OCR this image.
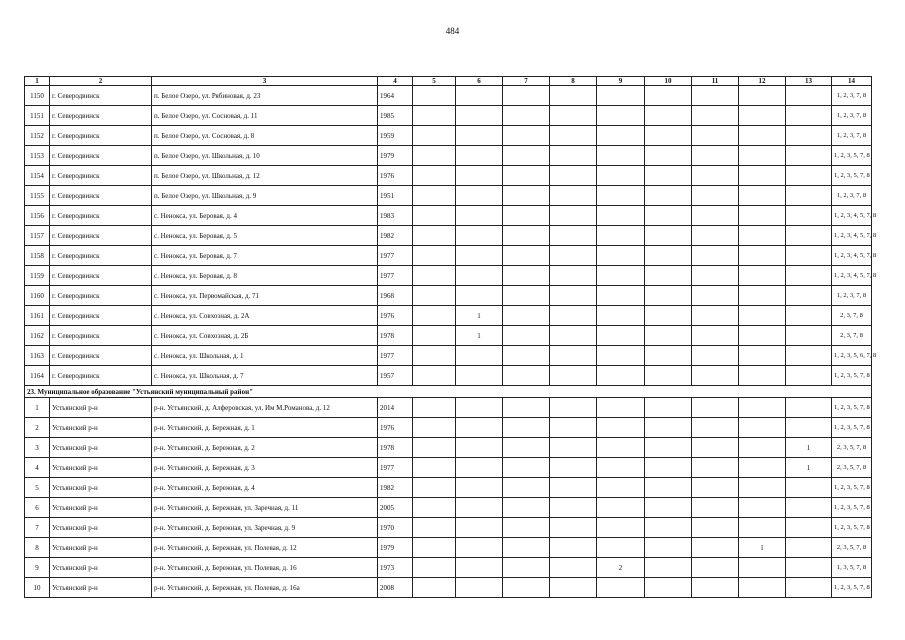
484
1	2	3	4	5	6	7	8	9	10	11	12	13	14
1150	г. Северодвинск	п. Белое Озеро, ул. Рябиновая, д. 23	1964										1, 2, 3, 7, 8
1151	г. Северодвинск	п. Белое Озеро, ул. Сосновая, д. 11	1985										1, 2, 3, 7, 8
1152	г. Северодвинск	п. Белое Озеро, ул. Сосновая, д. 8	1959										1, 2, 3, 7, 8
1153	г. Северодвинск	п. Белое Озеро, ул. Школьная, д. 10	1979										1, 2, 3, 5, 7, 8
1154	г. Северодвинск	п. Белое Озеро, ул. Школьная, д. 12	1976										1, 2, 3, 5, 7, 8
1155	г. Северодвинск	п. Белое Озеро, ул. Школьная, д. 9	1951										1, 2, 3, 7, 8
1156	г. Северодвинск	с. Ненокса, ул. Беровая, д. 4	1983										1, 2, 3, 4, 5, 7, 8
1157	г. Северодвинск	с. Ненокса, ул. Беровая, д. 5	1982										1, 2, 3, 4, 5, 7, 8
1158	г. Северодвинск	с. Ненокса, ул. Беровая, д. 7	1977										1, 2, 3, 4, 5, 7, 8
1159	г. Северодвинск	с. Ненокса, ул. Беровая, д. 8	1977										1, 2, 3, 4, 5, 7, 8
1160	г. Северодвинск	с. Ненокса, ул. Первомайская, д. 71	1968										1, 2, 3, 7, 8
1161	г. Северодвинск	с. Ненокса, ул. Совхозная, д. 2А	1976		1								2, 3, 7, 8
1162	г. Северодвинск	с. Ненокса, ул. Совхозная, д. 2Б	1978		1								2, 3, 7, 8
1163	г. Северодвинск	с. Ненокса, ул. Школьная, д. 1	1977										1, 2, 3, 5, 6, 7, 8
1164	г. Северодвинск	с. Ненокса, ул. Школьная, д. 7	1957										1, 2, 3, 5, 7, 8
23. Муниципальное образование "Устьянский муниципальный район"													
1	Устьянский р-н	р-н. Устьянский, д. Алферовская, ул. Им М.Романова, д. 12	2014										1, 2, 3, 5, 7, 8
2	Устьянский р-н	р-н. Устьянский, д. Бережная, д. 1	1976										1, 2, 3, 5, 7, 8
3	Устьянский р-н	р-н. Устьянский, д. Бережная, д. 2	1978									1	2, 3, 5, 7, 8
4	Устьянский р-н	р-н. Устьянский, д. Бережная, д. 3	1977									1	2, 3, 5, 7, 8
5	Устьянский р-н	р-н. Устьянский, д. Бережная, д. 4	1982										1, 2, 3, 5, 7, 8
6	Устьянский р-н	р-н. Устьянский, д. Бережная, ул. Заречная, д. 11	2005										1, 2, 3, 5, 7, 8
7	Устьянский р-н	р-н. Устьянский, д. Бережная, ул. Заречная, д. 9	1970										1, 2, 3, 5, 7, 8
8	Устьянский р-н	р-н. Устьянский, д. Бережная, ул. Полевая, д. 12	1979								1		2, 3, 5, 7, 8
9	Устьянский р-н	р-н. Устьянский, д. Бережная, ул. Полевая, д. 16	1973					2					1, 3, 5, 7, 8
10	Устьянский р-н	р-н. Устьянский, д. Бережная, ул. Полевая, д. 16а	2008										1, 2, 3, 5, 7, 8
